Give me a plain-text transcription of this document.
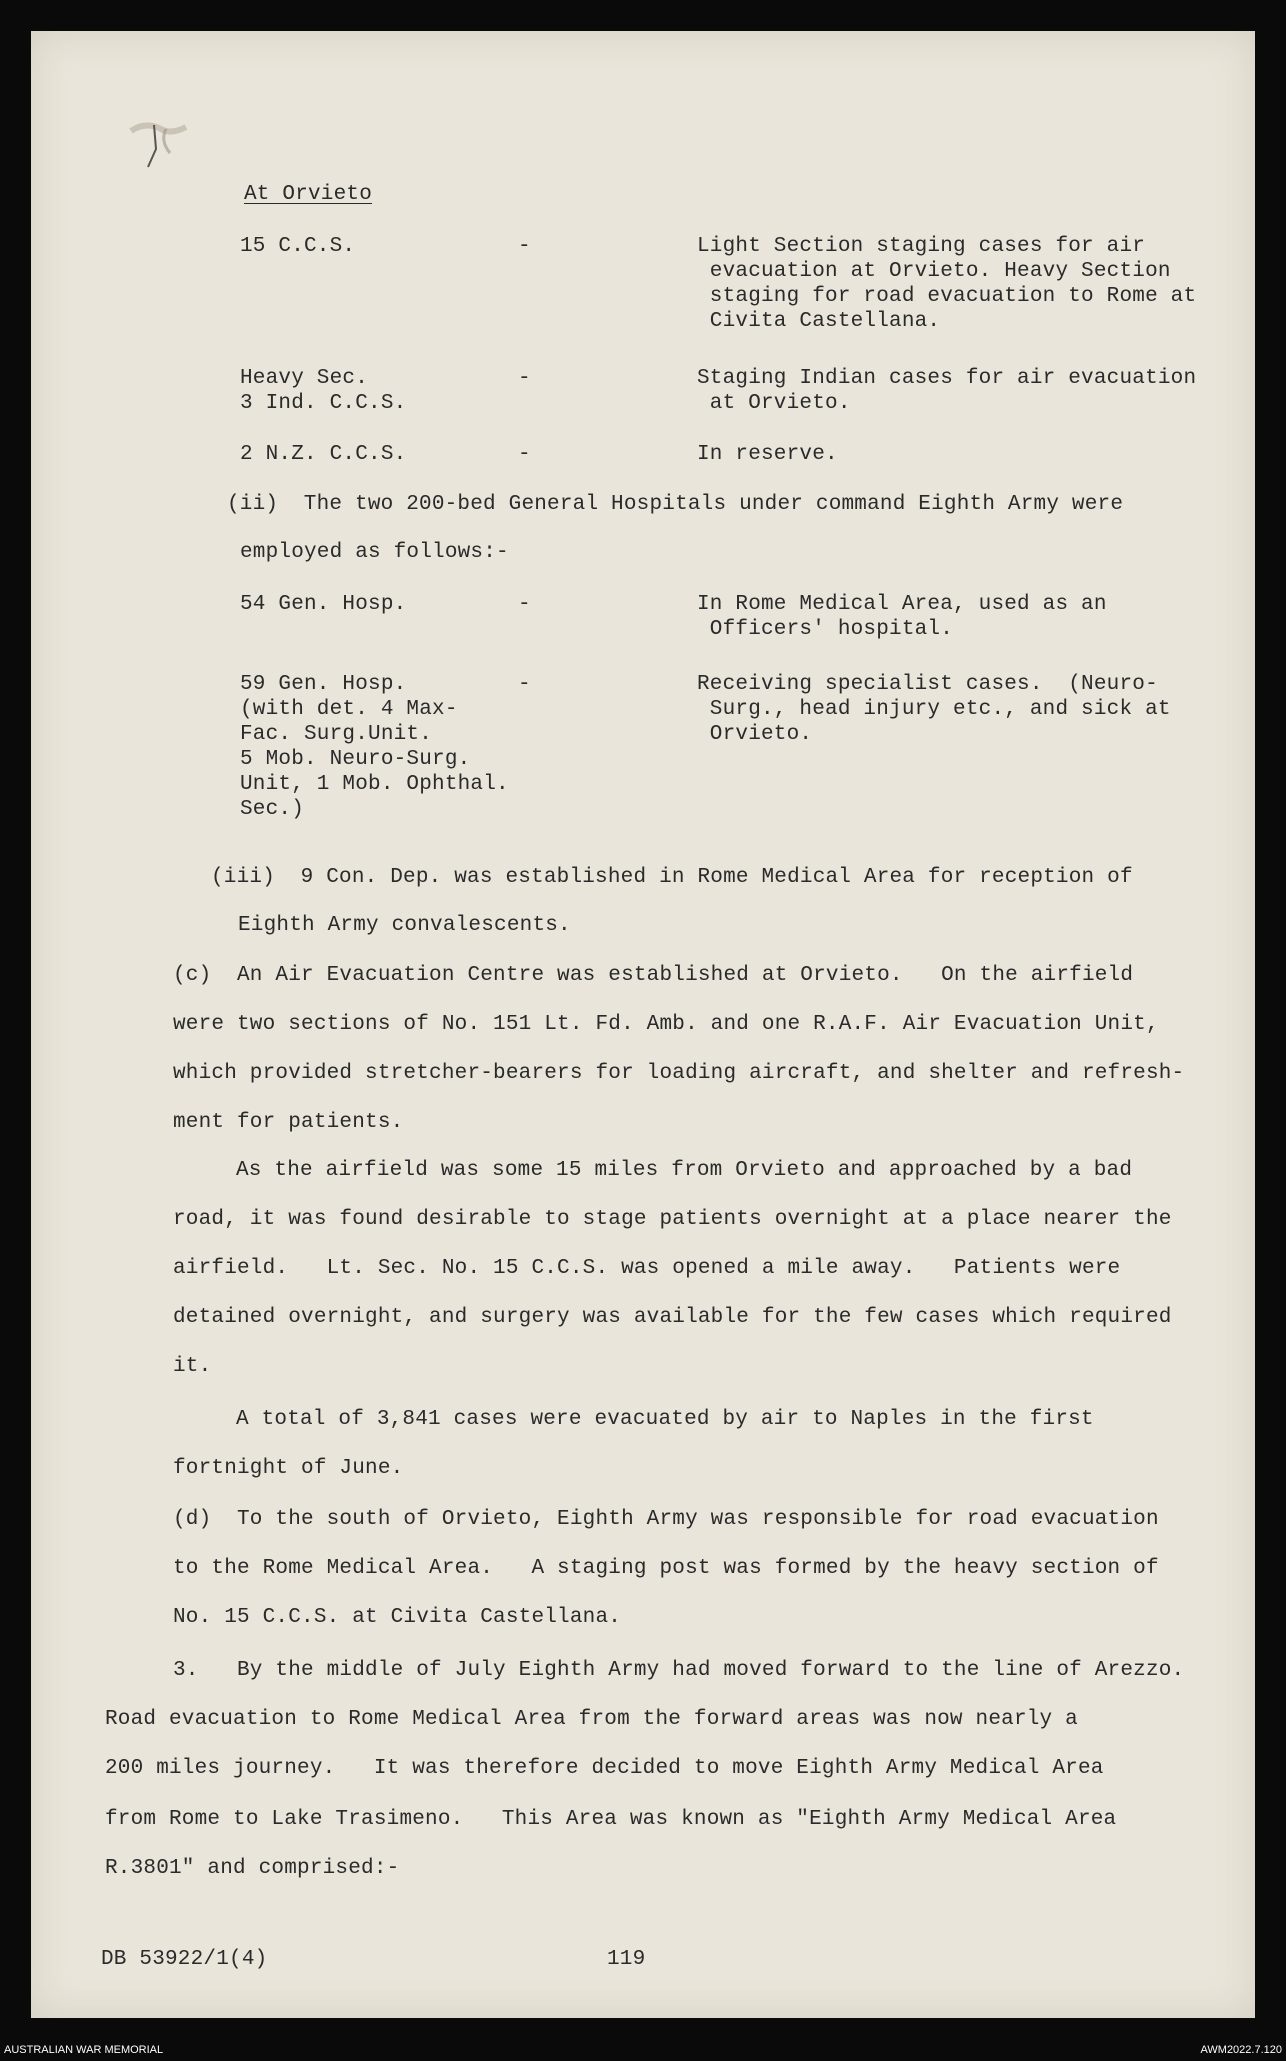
At Orvieto
DB 53922/1(4)	119
15 C.C.S.	-	Light Section staging cases for air
evacuation at Orvieto. Heavy Section
staging for road evacuation to Rome at
Civita Castellana.
Heavy Sec.
3 Ind. C.C.S.
-	Staging Indian cases for air evacuation
at Orvieto.
2 N.Z. C.C.S.	-	In reserve.
(ii)  The two 200-bed General Hospitals under command Eighth Army were
employed as follows:-
54 Gen. Hosp.	-	In Rome Medical Area, used as an
Officers' hospital.
59 Gen. Hosp.
(with det. 4 Max-
Fac. Surg.Unit.
5 Mob. Neuro-Surg.
Unit, 1 Mob. Ophthal.
Sec.)
-	Receiving specialist cases.  (Neuro-
Surg., head injury etc., and sick at
Orvieto.
(iii)  9 Con. Dep. was established in Rome Medical Area for reception of
Eighth Army convalescents.
(c)  An Air Evacuation Centre was established at Orvieto.   On the airfield
were two sections of No. 151 Lt. Fd. Amb. and one R.A.F. Air Evacuation Unit,
which provided stretcher-bearers for loading aircraft, and shelter and refresh-
ment for patients.
As the airfield was some 15 miles from Orvieto and approached by a bad
road, it was found desirable to stage patients overnight at a place nearer the
airfield.   Lt. Sec. No. 15 C.C.S. was opened a mile away.   Patients were
detained overnight, and surgery was available for the few cases which required
it.
A total of 3,841 cases were evacuated by air to Naples in the first
fortnight of June.
(d)  To the south of Orvieto, Eighth Army was responsible for road evacuation
to the Rome Medical Area.   A staging post was formed by the heavy section of
No. 15 C.C.S. at Civita Castellana.
3.   By the middle of July Eighth Army had moved forward to the line of Arezzo.
Road evacuation to Rome Medical Area from the forward areas was now nearly a
200 miles journey.   It was therefore decided to move Eighth Army Medical Area
from Rome to Lake Trasimeno.   This Area was known as "Eighth Army Medical Area
R.3801" and comprised:-
AUSTRALIAN WAR MEMORIAL	AWM2022.7.120
